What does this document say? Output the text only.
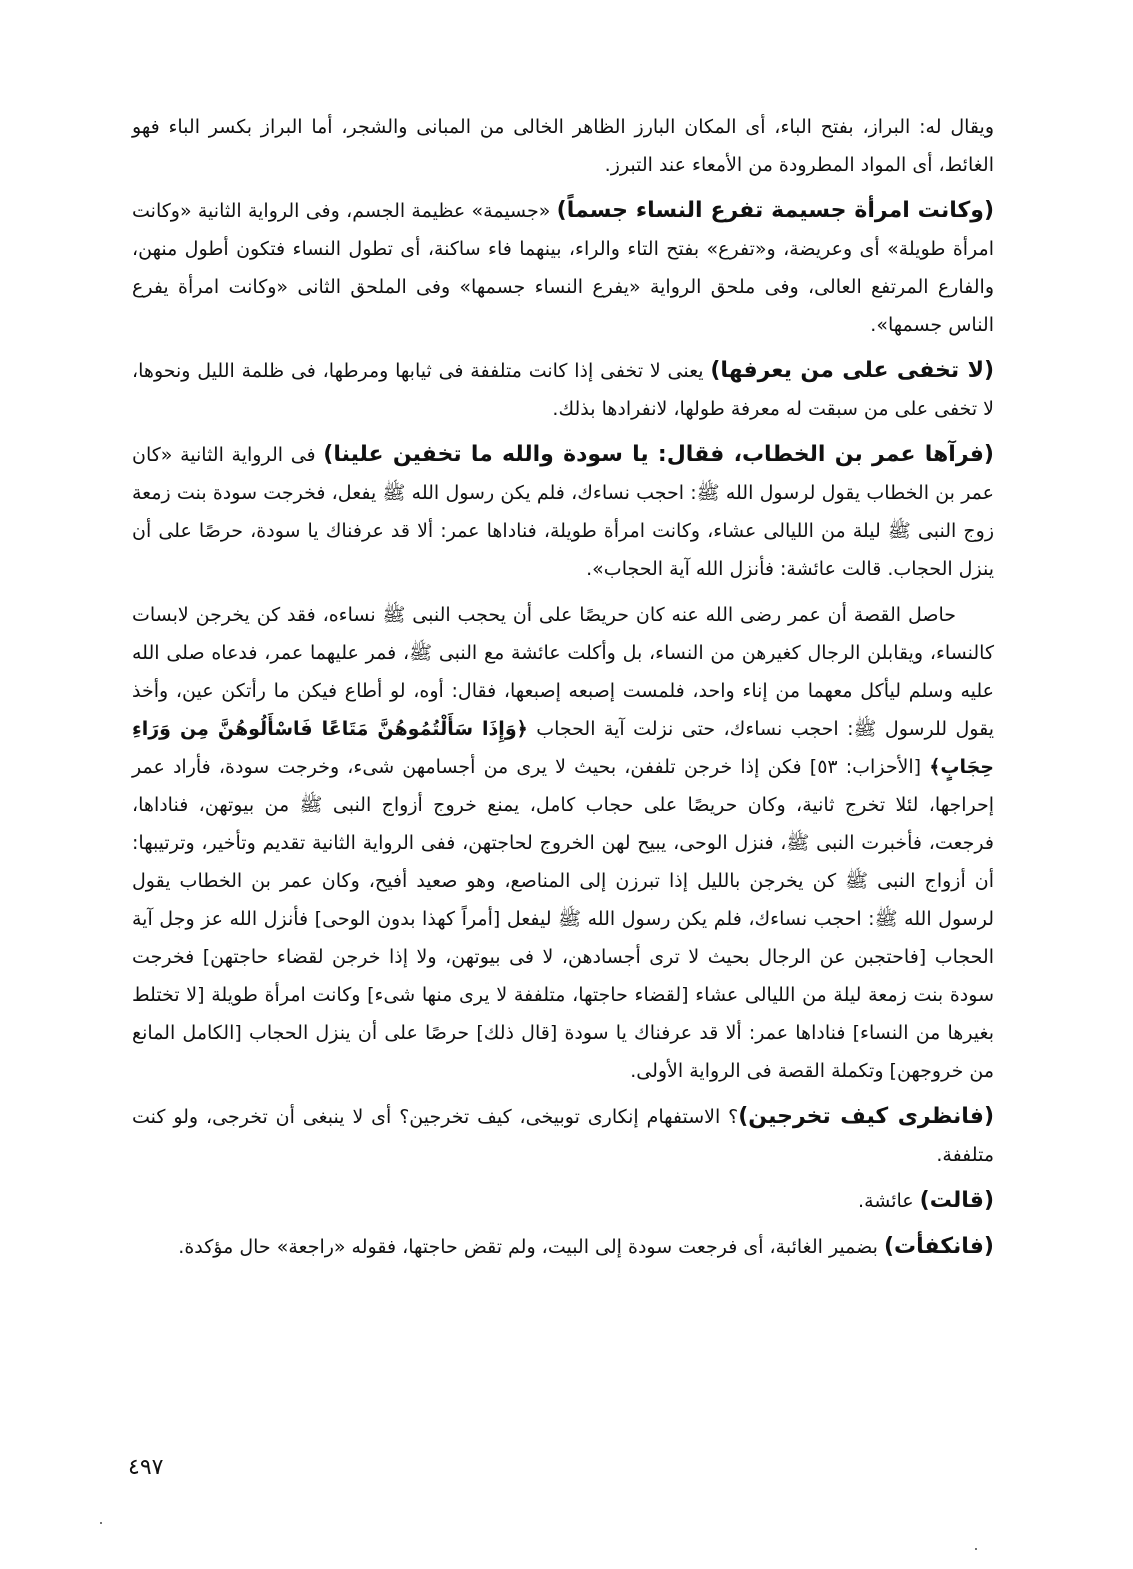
ويقال له: البراز، بفتح الباء، أى المكان البارز الظاهر الخالى من المبانى والشجر، أما البراز بكسر الباء فهو الغائط، أى المواد المطرودة من الأمعاء عند التبرز.

(وكانت امرأة جسيمة تفرع النساء جسماً) «جسيمة» عظيمة الجسم، وفى الرواية الثانية «وكانت امرأة طويلة» أى وعريضة، و«تفرع» بفتح التاء والراء، بينهما فاء ساكنة، أى تطول النساء فتكون أطول منهن، والفارع المرتفع العالى، وفى ملحق الرواية «يفرع النساء جسمها» وفى الملحق الثانى «وكانت امرأة يفرع الناس جسمها».

(لا تخفى على من يعرفها) يعنى لا تخفى إذا كانت متلففة فى ثيابها ومرطها، فى ظلمة الليل ونحوها، لا تخفى على من سبقت له معرفة طولها، لانفرادها بذلك.

(فرآها عمر بن الخطاب، فقال: يا سودة والله ما تخفين علينا) فى الرواية الثانية «كان عمر بن الخطاب يقول لرسول الله ﷺ: احجب نساءك، فلم يكن رسول الله ﷺ يفعل، فخرجت سودة بنت زمعة زوج النبى ﷺ ليلة من الليالى عشاء، وكانت امرأة طويلة، فناداها عمر: ألا قد عرفناك يا سودة، حرصًا على أن ينزل الحجاب. قالت عائشة: فأنزل الله آية الحجاب».

حاصل القصة أن عمر رضى الله عنه كان حريصًا على أن يحجب النبى ﷺ نساءه، فقد كن يخرجن لابسات كالنساء، ويقابلن الرجال كغيرهن من النساء، بل وأكلت عائشة مع النبى ﷺ، فمر عليهما عمر، فدعاه صلى الله عليه وسلم ليأكل معهما من إناء واحد، فلمست إصبعه إصبعها، فقال: أوه، لو أطاع فيكن ما رأتكن عين، وأخذ يقول للرسول ﷺ: احجب نساءك، حتى نزلت آية الحجاب ﴿وَإِذَا سَأَلْتُمُوهُنَّ مَتَاعًا فَاسْأَلُوهُنَّ مِن وَرَاءِ حِجَابٍ﴾ [الأحزاب: ٥٣] فكن إذا خرجن تلففن، بحيث لا يرى من أجسامهن شىء، وخرجت سودة، فأراد عمر إحراجها، لئلا تخرج ثانية، وكان حريصًا على حجاب كامل، يمنع خروج أزواج النبى ﷺ من بيوتهن، فناداها، فرجعت، فأخبرت النبى ﷺ، فنزل الوحى، يبيح لهن الخروج لحاجتهن، ففى الرواية الثانية تقديم وتأخير، وترتيبها: أن أزواج النبى ﷺ كن يخرجن بالليل إذا تبرزن إلى المناصع، وهو صعيد أفيح، وكان عمر بن الخطاب يقول لرسول الله ﷺ: احجب نساءك، فلم يكن رسول الله ﷺ ليفعل [أمراً كهذا بدون الوحى] فأنزل الله عز وجل آية الحجاب [فاحتجبن عن الرجال بحيث لا ترى أجسادهن، لا فى بيوتهن، ولا إذا خرجن لقضاء حاجتهن] فخرجت سودة بنت زمعة ليلة من الليالى عشاء [لقضاء حاجتها، متلففة لا يرى منها شىء] وكانت امرأة طويلة [لا تختلط بغيرها من النساء] فناداها عمر: ألا قد عرفناك يا سودة [قال ذلك] حرصًا على أن ينزل الحجاب [الكامل المانع من خروجهن] وتكملة القصة فى الرواية الأولى.

(فانظرى كيف تخرجين)؟ الاستفهام إنكارى توبيخى، كيف تخرجين؟ أى لا ينبغى أن تخرجى، ولو كنت متلففة.

(قالت) عائشة.

(فانكفأت) بضمير الغائبة، أى فرجعت سودة إلى البيت، ولم تقض حاجتها، فقوله «راجعة» حال مؤكدة.

٤٩٧
